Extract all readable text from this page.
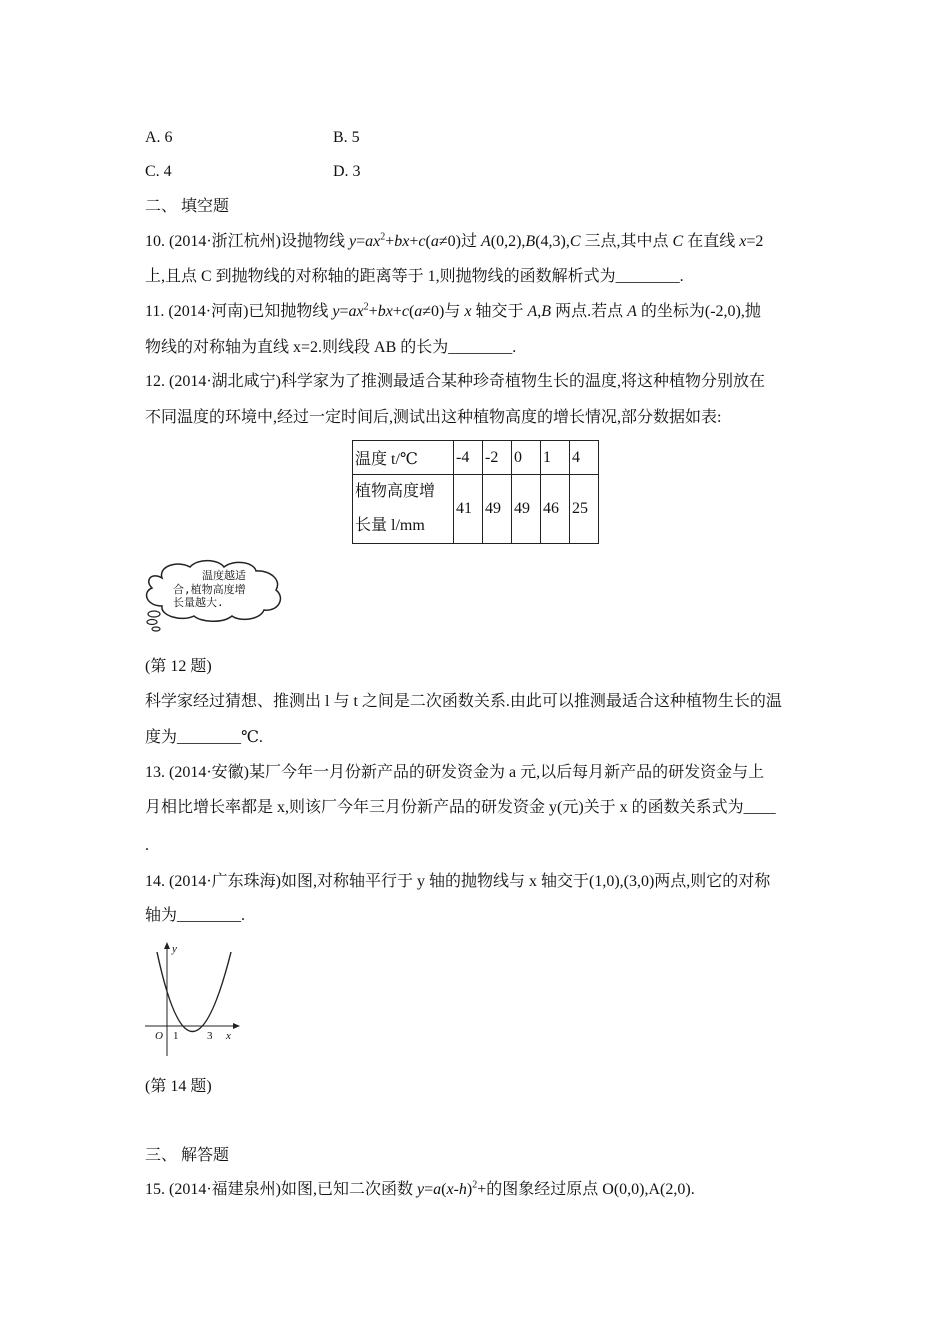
A. 6	B. 5
C. 4	D. 3
二、 填空题
10. (2014·浙江杭州)设抛物线 $y=ax^2+bx+c(a\ne 0)$过 A(0,2),B(4,3),C 三点,其中点 C 在直线 x=2
上,且点 C 到抛物线的对称轴的距离等于 1,则抛物线的函数解析式为________.
11. (2014·河南)已知抛物线 $y=ax^2+bx+c(a\ne 0)$与 x 轴交于 A,B 两点.若点 A 的坐标为(-2,0),抛
物线的对称轴为直线 x=2.则线段 AB 的长为________.
12. (2014·湖北咸宁)科学家为了推测最适合某种珍奇植物生长的温度,将这种植物分别放在
不同温度的环境中,经过一定时间后,测试出这种植物高度的增长情况,部分数据如表:
温度 t/℃	-4	-2	0	1	4
植物高度增
长量 l/mm	41	49	49	46	25
温度越适
合,植物高度增
长量越大.
(第 12 题)
科学家经过猜想、推测出 l 与 t 之间是二次函数关系.由此可以推测最适合这种植物生长的温
度为________℃.
13. (2014·安徽)某厂今年一月份新产品的研发资金为 a 元,以后每月新产品的研发资金与上
月相比增长率都是 x,则该厂今年三月份新产品的研发资金 y(元)关于 x 的函数关系式为____
.
14. (2014·广东珠海)如图,对称轴平行于 y 轴的抛物线与 x 轴交于(1,0),(3,0)两点,则它的对称
轴为________.
y
x
O 1	3
(第 14 题)
三、 解答题
15. (2014·福建泉州)如图,已知二次函数 $y=a(x-h)^2+$的图象经过原点 O(0,0),A(2,0).
